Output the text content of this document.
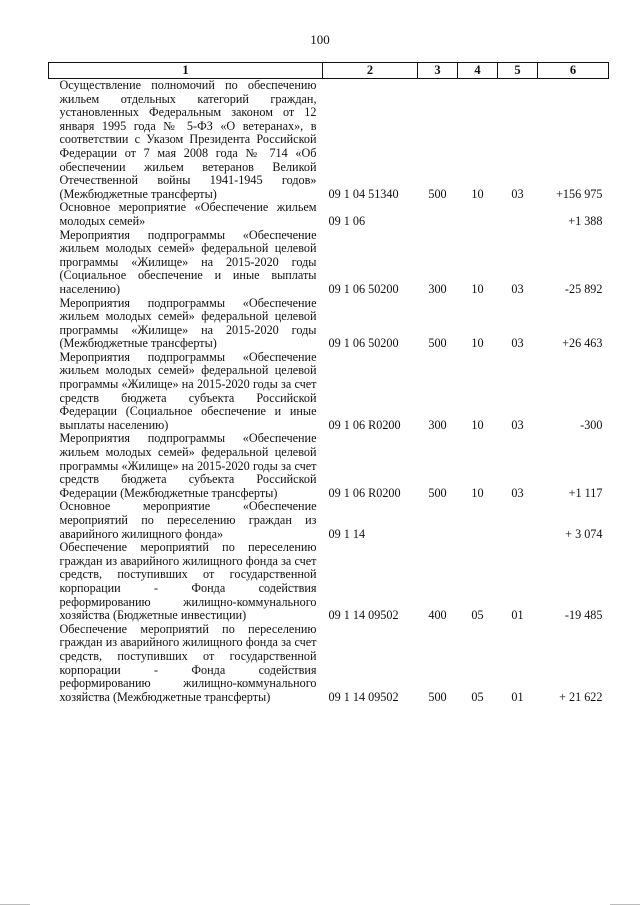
100
1	2	3	4	5	6
Осуществление полномочий по обеспечению жильем отдельных категорий граждан, установленных Федеральным законом от 12 января 1995 года № 5-ФЗ «О ветеранах», в соответствии с Указом Президента Российской Федерации от 7 мая 2008 года № 714 «Об обеспечении жильем ветеранов Великой Отечественной войны 1941-1945 годов» (Межбюджетные трансферты)	09 1 04 51340	500	10	03	+156 975
Основное мероприятие «Обеспечение жильем молодых семей»	09 1 06				+1 388
Мероприятия подпрограммы «Обеспечение жильем молодых семей» федеральной целевой программы «Жилище» на 2015-2020 годы (Социальное обеспечение и иные выплаты населению)	09 1 06 50200	300	10	03	-25 892
Мероприятия подпрограммы «Обеспечение жильем молодых семей» федеральной целевой программы «Жилище» на 2015-2020 годы (Межбюджетные трансферты)	09 1 06 50200	500	10	03	+26 463
Мероприятия подпрограммы «Обеспечение жильем молодых семей» федеральной целевой программы «Жилище» на 2015-2020 годы за счет средств бюджета субъекта Российской Федерации (Социальное обеспечение и иные выплаты населению)	09 1 06 R0200	300	10	03	-300
Мероприятия подпрограммы «Обеспечение жильем молодых семей» федеральной целевой программы «Жилище» на 2015-2020 годы за счет средств бюджета субъекта Российской Федерации (Межбюджетные трансферты)	09 1 06 R0200	500	10	03	+1 117
Основное мероприятие «Обеспечение мероприятий по переселению граждан из аварийного жилищного фонда»	09 1 14				+ 3 074
Обеспечение мероприятий по переселению граждан из аварийного жилищного фонда за счет средств, поступивших от государственной корпорации - Фонда содействия реформированию жилищно-коммунального хозяйства (Бюджетные инвестиции)	09 1 14 09502	400	05	01	-19 485
Обеспечение мероприятий по переселению граждан из аварийного жилищного фонда за счет средств, поступивших от государственной корпорации - Фонда содействия реформированию жилищно-коммунального хозяйства (Межбюджетные трансферты)	09 1 14 09502	500	05	01	+ 21 622
